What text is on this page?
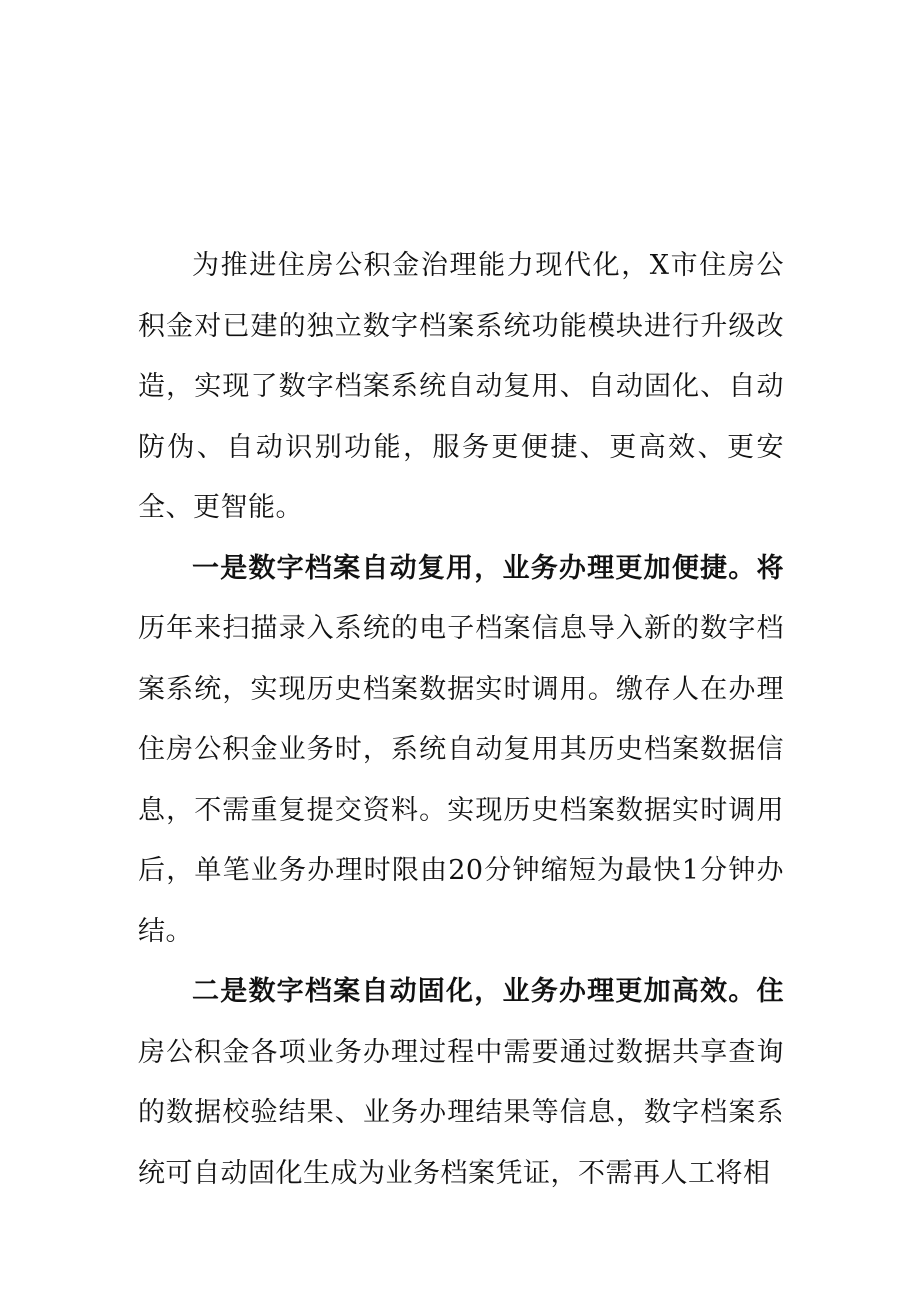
为推进住房公积金治理能力现代化，X市住房公积金对已建的独立数字档案系统功能模块进行升级改造，实现了数字档案系统自动复用、自动固化、自动防伪、自动识别功能，服务更便捷、更高效、更安全、更智能。

一是数字档案自动复用，业务办理更加便捷。将历年来扫描录入系统的电子档案信息导入新的数字档案系统，实现历史档案数据实时调用。缴存人在办理住房公积金业务时，系统自动复用其历史档案数据信息，不需重复提交资料。实现历史档案数据实时调用后，单笔业务办理时限由20分钟缩短为最快1分钟办结。

二是数字档案自动固化，业务办理更加高效。住房公积金各项业务办理过程中需要通过数据共享查询的数据校验结果、业务办理结果等信息，数字档案系统可自动固化生成为业务档案凭证，不需再人工将相
